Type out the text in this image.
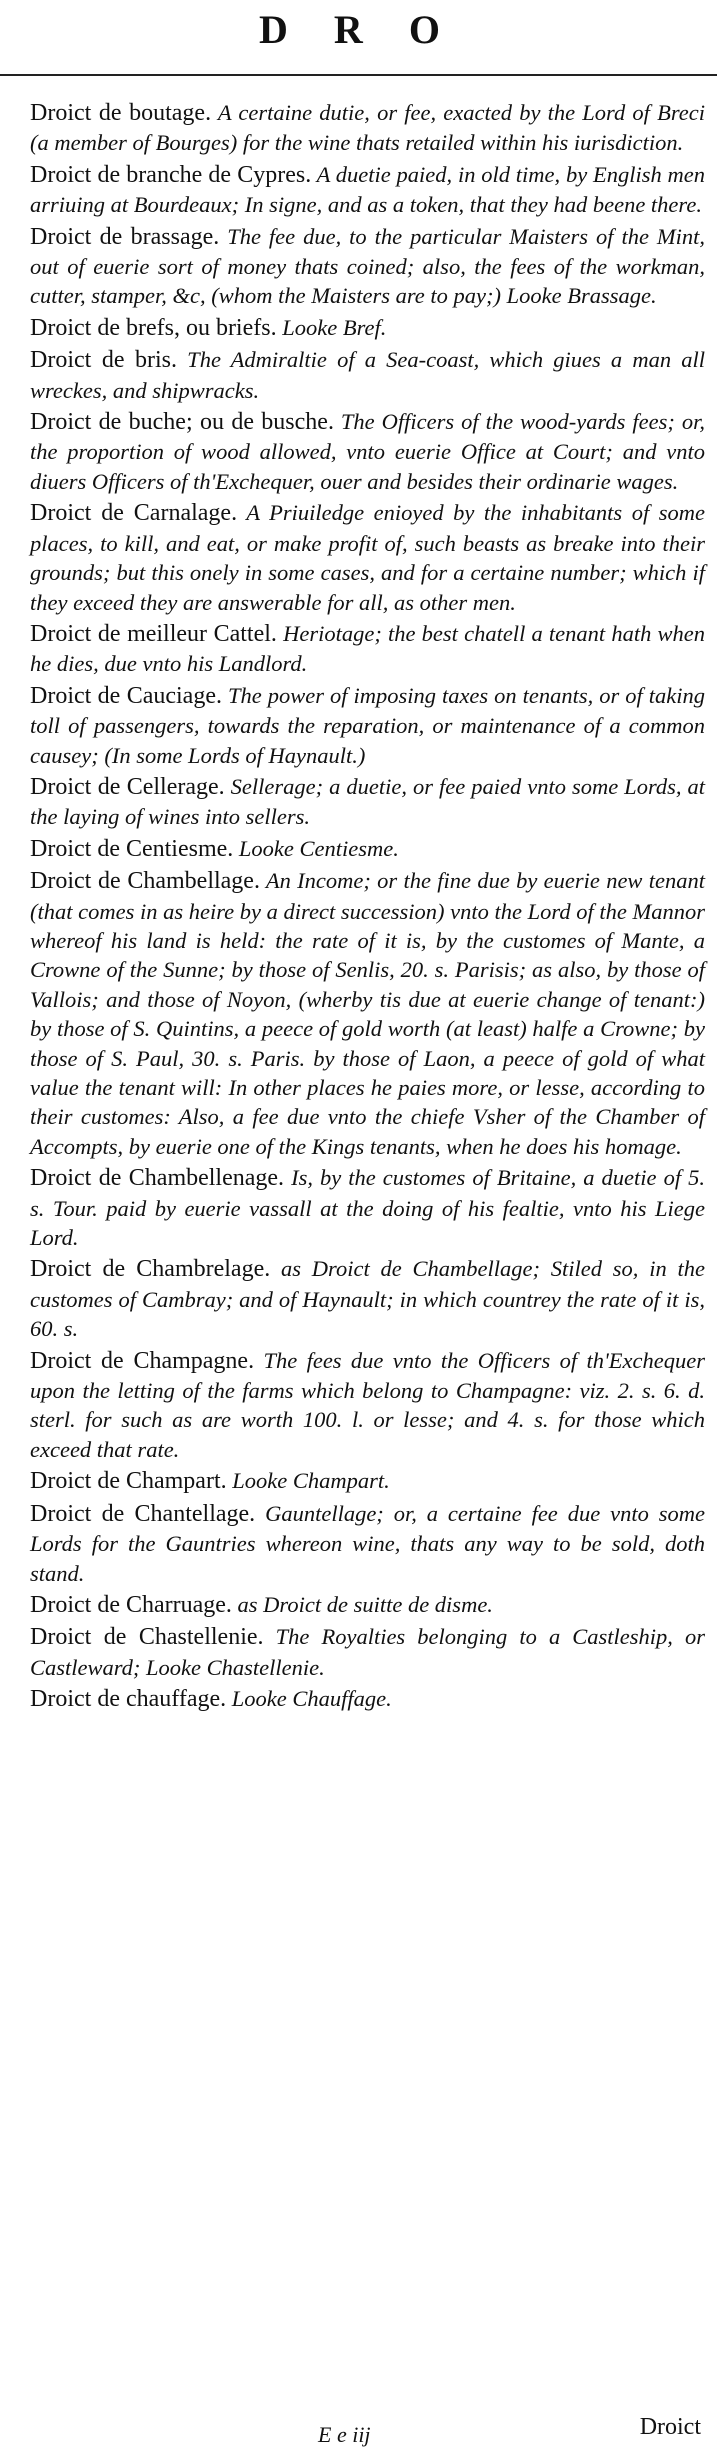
D R O

Droict de boutage. A certaine dutie, or fee, exacted by the Lord of Breci (a member of Bourges) for the wine thats retailed within his iurisdiction.

Droict de branche de Cypres. A duetie paied, in old time, by English men arriuing at Bourdeaux; In signe, and as a token, that they had beene there.

Droict de brassage. The fee due, to the particular Maisters of the Mint, out of euerie sort of money thats coined; also, the fees of the workman, cutter, stamper, &c, (whom the Maisters are to pay;) Looke Brassage.

Droict de brefs, ou briefs. Looke Bref.

Droict de bris. The Admiraltie of a Sea-coast, which giues a man all wreckes, and shipwracks.

Droict de buche; ou de busche. The Officers of the wood-yards fees; or, the proportion of wood allowed, vnto euerie Office at Court; and vnto diuers Officers of th'Exchequer, ouer and besides their ordinarie wages.

Droict de Carnalage. A Priuiledge enioyed by the inhabitants of some places, to kill, and eat, or make profit of, such beasts as breake into their grounds; but this onely in some cases, and for a certaine number; which if they exceed they are answerable for all, as other men.

Droict de meilleur Cattel. Heriotage; the best chatell a tenant hath when he dies, due vnto his Landlord.

Droict de Cauciage. The power of imposing taxes on tenants, or of taking toll of passengers, towards the reparation, or maintenance of a common causey; (In some Lords of Haynault.)

Droict de Cellerage. Sellerage; a duetie, or fee paied vnto some Lords, at the laying of wines into sellers.

Droict de Centiesme. Looke Centiesme.

Droict de Chambellage. An Income; or the fine due by euerie new tenant (that comes in as heire by a direct succession) vnto the Lord of the Mannor whereof his land is held: the rate of it is, by the customes of Mante, a Crowne of the Sunne; by those of Senlis, 20. s. Parisis; as also, by those of Vallois; and those of Noyon, (wherby tis due at euerie change of tenant:) by those of S. Quintins, a peece of gold worth (at least) halfe a Crowne; by those of S. Paul, 30. s. Paris. by those of Laon, a peece of gold of what value the tenant will: In other places he paies more, or lesse, according to their customes: Also, a fee due vnto the chiefe Vsher of the Chamber of Accompts, by euerie one of the Kings tenants, when he does his homage.

Droict de Chambellenage. Is, by the customes of Britaine, a duetie of 5. s. Tour. paid by euerie vassall at the doing of his fealtie, vnto his Liege Lord.

Droict de Chambrelage. as Droict de Chambellage; Stiled so, in the customes of Cambray; and of Haynault; in which countrey the rate of it is, 60. s.

Droict de Champagne. The fees due vnto the Officers of th'Exchequer upon the letting of the farms which belong to Champagne: viz. 2. s. 6. d. sterl. for such as are worth 100. l. or lesse; and 4. s. for those which exceed that rate.

Droict de Champart. Looke Champart.

Droict de Chantellage. Gauntellage; or, a certaine fee due vnto some Lords for the Gauntries whereon wine, thats any way to be sold, doth stand.

Droict de Charruage. as Droict de suitte de disme.

Droict de Chastellenie. The Royalties belonging to a Castleship, or Castleward; Looke Chastellenie.

Droict de chauffage. Looke Chauffage.

E e iij	Droict
